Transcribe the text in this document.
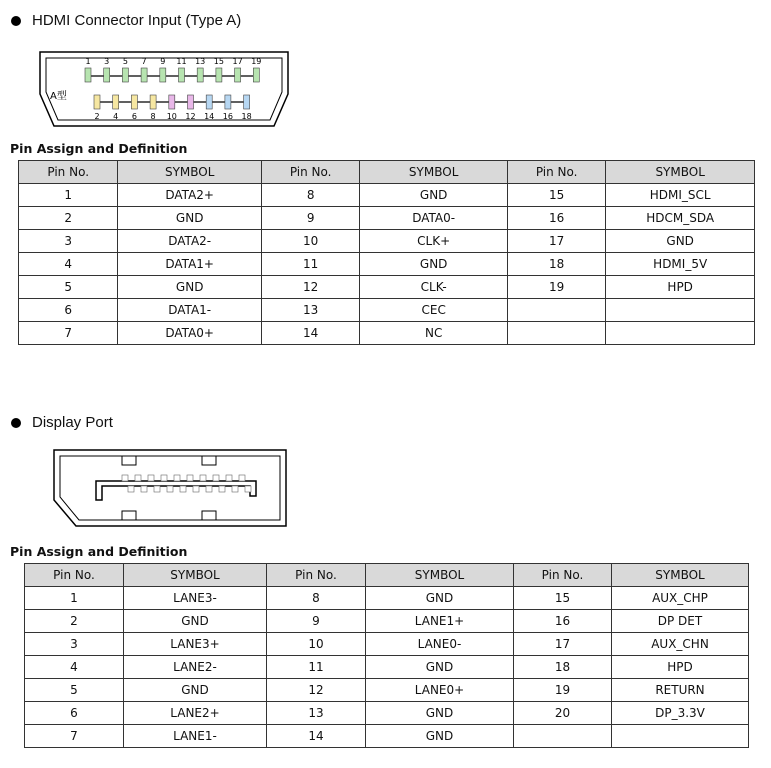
HDMI Connector Input (Type A)
A型
1 3 5 7 9 11 13 15 17 19
2 4 6 8 10 12 14 16 18
Pin Assign and Definition
Pin No.	SYMBOL	Pin No.	SYMBOL	Pin No.	SYMBOL
1	DATA2+	8	GND	15	HDMI_SCL
2	GND	9	DATA0-	16	HDCM_SDA
3	DATA2-	10	CLK+	17	GND
4	DATA1+	11	GND	18	HDMI_5V
5	GND	12	CLK-	19	HPD
6	DATA1-	13	CEC		
7	DATA0+	14	NC		
Display Port
Pin Assign and Definition
Pin No.	SYMBOL	Pin No.	SYMBOL	Pin No.	SYMBOL
1	LANE3-	8	GND	15	AUX_CHP
2	GND	9	LANE1+	16	DP DET
3	LANE3+	10	LANE0-	17	AUX_CHN
4	LANE2-	11	GND	18	HPD
5	GND	12	LANE0+	19	RETURN
6	LANE2+	13	GND	20	DP_3.3V
7	LANE1-	14	GND		
